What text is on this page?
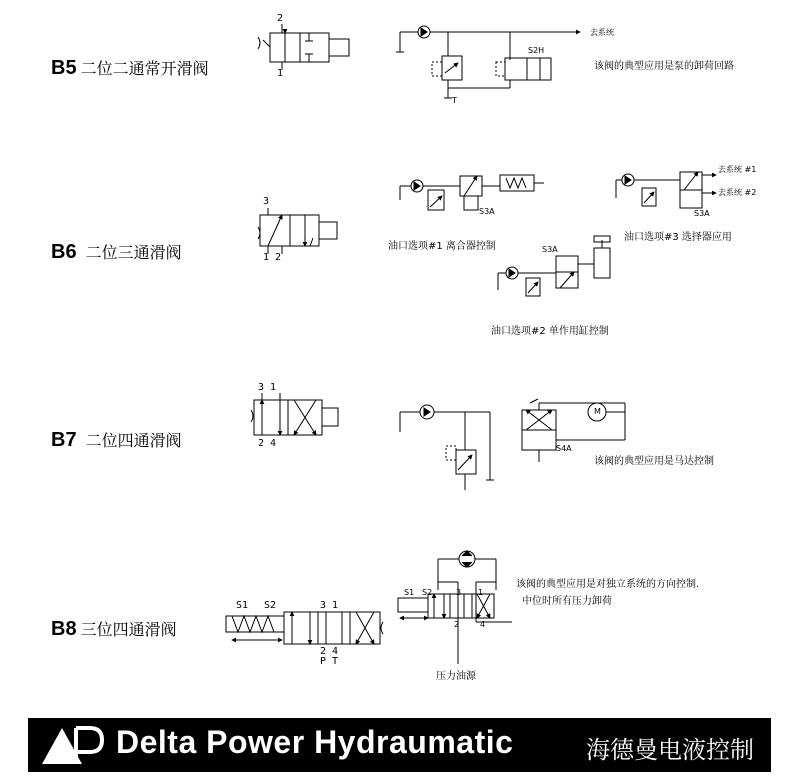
B5 二位二通常开滑阀
B6 二位三通滑阀
B7 二位四通滑阀
B8 三位四通滑阀
2
1
去系统
S2H
T
该阀的典型应用是泵的卸荷回路
3
1 2
S3A
油口选项#1 离合器控制	S3A
油口选项#2 单作用缸控制
S3A
去系统 #1
去系统 #2
油口选项#3 选择器应用
3 1
2 4	S4A
M
该阀的典型应用是马达控制
S1 S2	3 1
2 4
P T
S1 S2	3 1
2	4
压力油源
该阀的典型应用是对独立系统的方向控制.
中位时所有压力卸荷
Delta Power Hydraumatic	海德曼电液控制
